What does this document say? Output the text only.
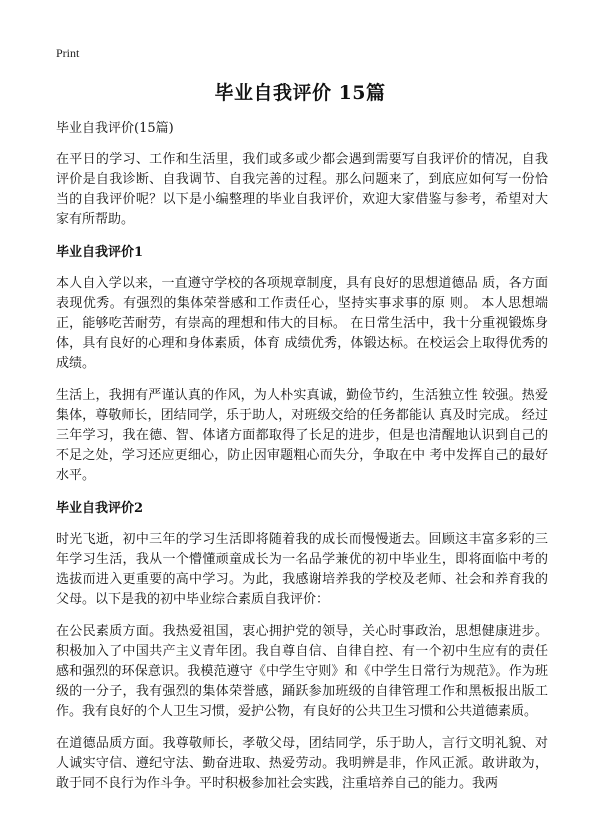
Print
毕业自我评价 15篇
毕业自我评价(15篇)

在平日的学习、工作和生活里，我们或多或少都会遇到需要写自我评价的情况，自我评价是自我诊断、自我调节、自我完善的过程。那么问题来了，到底应如何写一份恰当的自我评价呢？以下是小编整理的毕业自我评价，欢迎大家借鉴与参考，希望对大家有所帮助。

毕业自我评价1

本人自入学以来，一直遵守学校的各项规章制度，具有良好的思想道德品 质，各方面表现优秀。有强烈的集体荣誉感和工作责任心，坚持实事求事的原 则。 本人思想端正，能够吃苦耐劳，有崇高的理想和伟大的目标。 在日常生活中，我十分重视锻炼身体，具有良好的心理和身体素质，体育 成绩优秀，体锻达标。在校运会上取得优秀的成绩。

生活上，我拥有严谨认真的作风，为人朴实真诚，勤俭节约，生活独立性 较强。热爱集体，尊敬师长，团结同学，乐于助人，对班级交给的任务都能认 真及时完成。 经过三年学习，我在德、智、体诸方面都取得了长足的进步，但是也清醒地认识到自己的不足之处，学习还应更细心，防止因审题粗心而失分，争取在中 考中发挥自己的最好水平。

毕业自我评价2

时光飞逝，初中三年的学习生活即将随着我的成长而慢慢逝去。回顾这丰富多彩的三年学习生活，我从一个懵懂顽童成长为一名品学兼优的初中毕业生，即将面临中考的选拔而进入更重要的高中学习。为此，我感谢培养我的学校及老师、社会和养育我的父母。以下是我的初中毕业综合素质自我评价：

在公民素质方面。我热爱祖国，衷心拥护党的领导，关心时事政治，思想健康进步。积极加入了中国共产主义青年团。我自尊自信、自律自控、有一个初中生应有的责任感和强烈的环保意识。我模范遵守《中学生守则》和《中学生日常行为规范》。作为班级的一分子，我有强烈的集体荣誉感，踊跃参加班级的自律管理工作和黑板报出版工作。我有良好的个人卫生习惯，爱护公物，有良好的公共卫生习惯和公共道德素质。

在道德品质方面。我尊敬师长，孝敬父母，团结同学，乐于助人，言行文明礼貌、对人诚实守信、遵纪守法、勤奋进取、热爱劳动。我明辨是非，作风正派。敢讲敢为，敢于同不良行为作斗争。平时积极参加社会实践，注重培养自己的能力。我两
